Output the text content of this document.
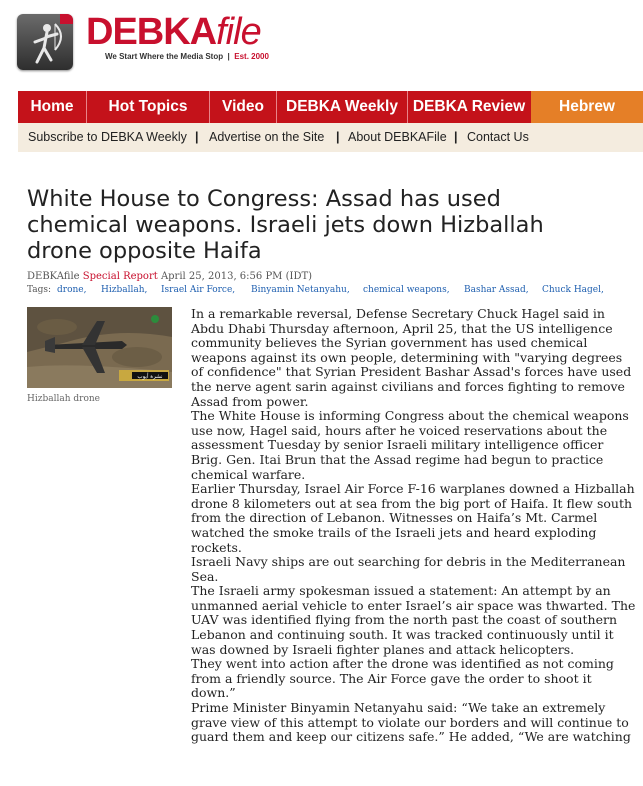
DEBKAfile
We Start Where the Media Stop | Est. 2000
Home	Hot Topics	Video	DEBKA Weekly DEBKA Review	Hebrew
Subscribe to DEBKA Weekly | Advertise on the Site | About DEBKAFile | Contact Us
White House to Congress: Assad has used chemical weapons. Israeli jets down Hizballah drone opposite Haifa
DEBKAfile Special Report April 25, 2013, 6:56 PM (IDT)
Tags: drone, Hizballah, Israel Air Force, Binyamin Netanyahu, chemical weapons, Bashar Assad, Chuck Hagel,
نشرة أيوب
Hizballah drone

In a remarkable reversal, Defense Secretary Chuck Hagel said in Abdu Dhabi Thursday afternoon, April 25, that the US intelligence community believes the Syrian government has used chemical weapons against its own people, determining with "varying degrees of confidence" that Syrian President Bashar Assad's forces have used the nerve agent sarin against civilians and forces fighting to remove Assad from power.

The White House is informing Congress about the chemical weapons use now, Hagel said, hours after he voiced reservations about the assessment Tuesday by senior Israeli military intelligence officer Brig. Gen. Itai Brun that the Assad regime had begun to practice chemical warfare.

Earlier Thursday, Israel Air Force F-16 warplanes downed a Hizballah drone 8 kilometers out at sea from the big port of Haifa. It flew south from the direction of Lebanon. Witnesses on Haifa’s Mt. Carmel watched the smoke trails of the Israeli jets and heard exploding rockets.

Israeli Navy ships are out searching for debris in the Mediterranean Sea.

The Israeli army spokesman issued a statement: An attempt by an unmanned aerial vehicle to enter Israel’s air space was thwarted. The UAV was identified flying from the north past the coast of southern Lebanon and continuing south. It was tracked continuously until it was downed by Israeli fighter planes and attack helicopters.

They went into action after the drone was identified as not coming from a friendly source. The Air Force gave the order to shoot it down.”

Prime Minister Binyamin Netanyahu said: “We take an extremely grave view of this attempt to violate our borders and will continue to guard them and keep our citizens safe.” He added, “We are watching
